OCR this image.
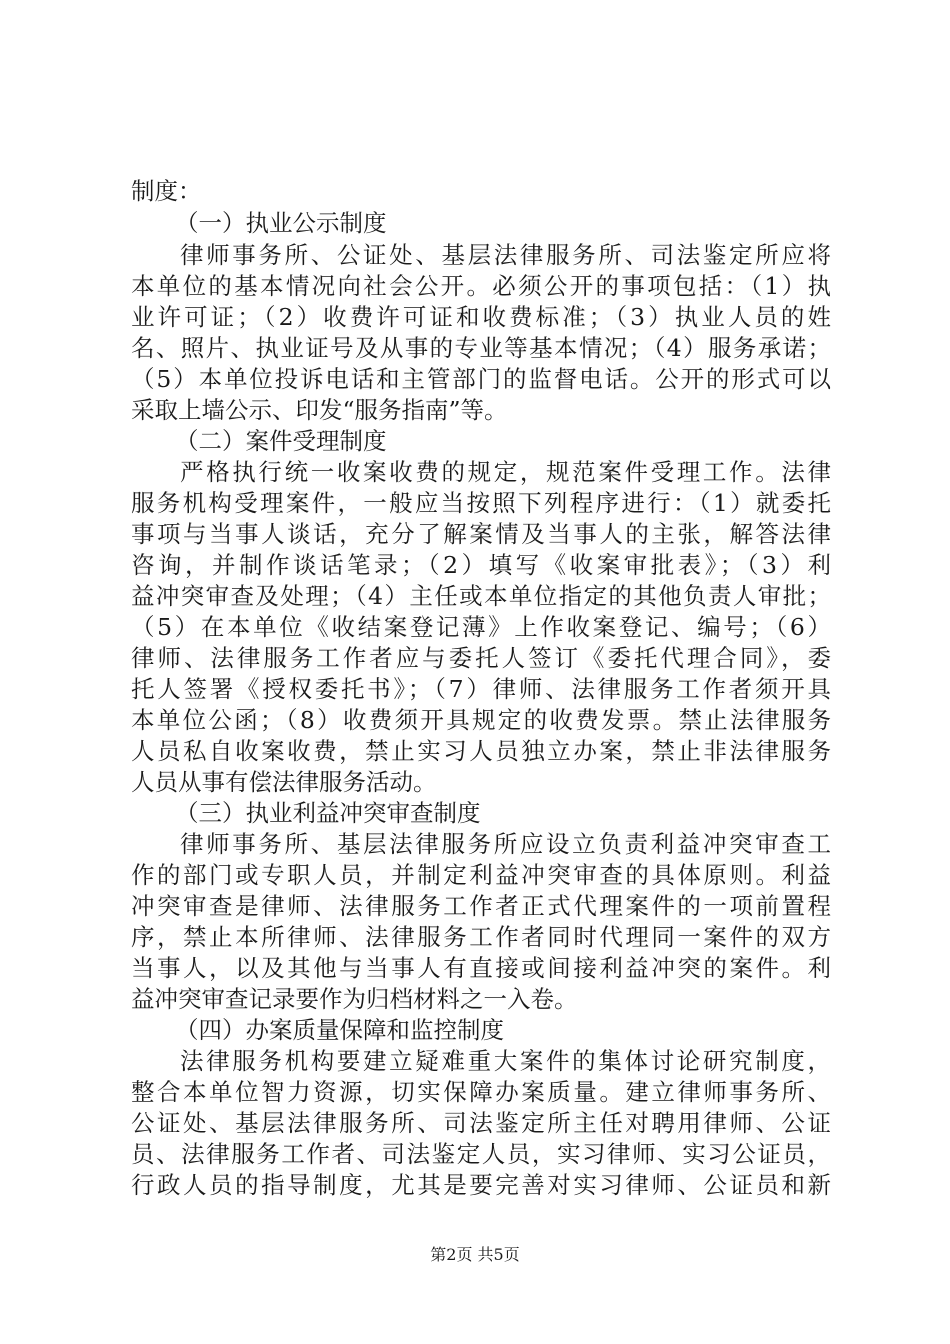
制度：
（一）执业公示制度
律师事务所、公证处、基层法律服务所、司法鉴定所应将
本单位的基本情况向社会公开。必须公开的事项包括：（1）执
业许可证；（2）收费许可证和收费标准；（3）执业人员的姓
名、照片、执业证号及从事的专业等基本情况；（4）服务承诺；
（5）本单位投诉电话和主管部门的监督电话。公开的形式可以
采取上墙公示、印发“服务指南”等。
（二）案件受理制度
严格执行统一收案收费的规定，规范案件受理工作。法律
服务机构受理案件，一般应当按照下列程序进行：（1）就委托
事项与当事人谈话，充分了解案情及当事人的主张，解答法律
咨询，并制作谈话笔录；（2）填写《收案审批表》；（3）利
益冲突审查及处理；（4）主任或本单位指定的其他负责人审批；
（5）在本单位《收结案登记薄》上作收案登记、编号；（6）
律师、法律服务工作者应与委托人签订《委托代理合同》，委
托人签署《授权委托书》；（7）律师、法律服务工作者须开具
本单位公函；（8）收费须开具规定的收费发票。禁止法律服务
人员私自收案收费，禁止实习人员独立办案，禁止非法律服务
人员从事有偿法律服务活动。
（三）执业利益冲突审查制度
律师事务所、基层法律服务所应设立负责利益冲突审查工
作的部门或专职人员，并制定利益冲突审查的具体原则。利益
冲突审查是律师、法律服务工作者正式代理案件的一项前置程
序，禁止本所律师、法律服务工作者同时代理同一案件的双方
当事人，以及其他与当事人有直接或间接利益冲突的案件。利
益冲突审查记录要作为归档材料之一入卷。
（四）办案质量保障和监控制度
法律服务机构要建立疑难重大案件的集体讨论研究制度，
整合本单位智力资源，切实保障办案质量。建立律师事务所、
公证处、基层法律服务所、司法鉴定所主任对聘用律师、公证
员、法律服务工作者、司法鉴定人员，实习律师、实习公证员，
行政人员的指导制度，尤其是要完善对实习律师、公证员和新
第2页 共5页
